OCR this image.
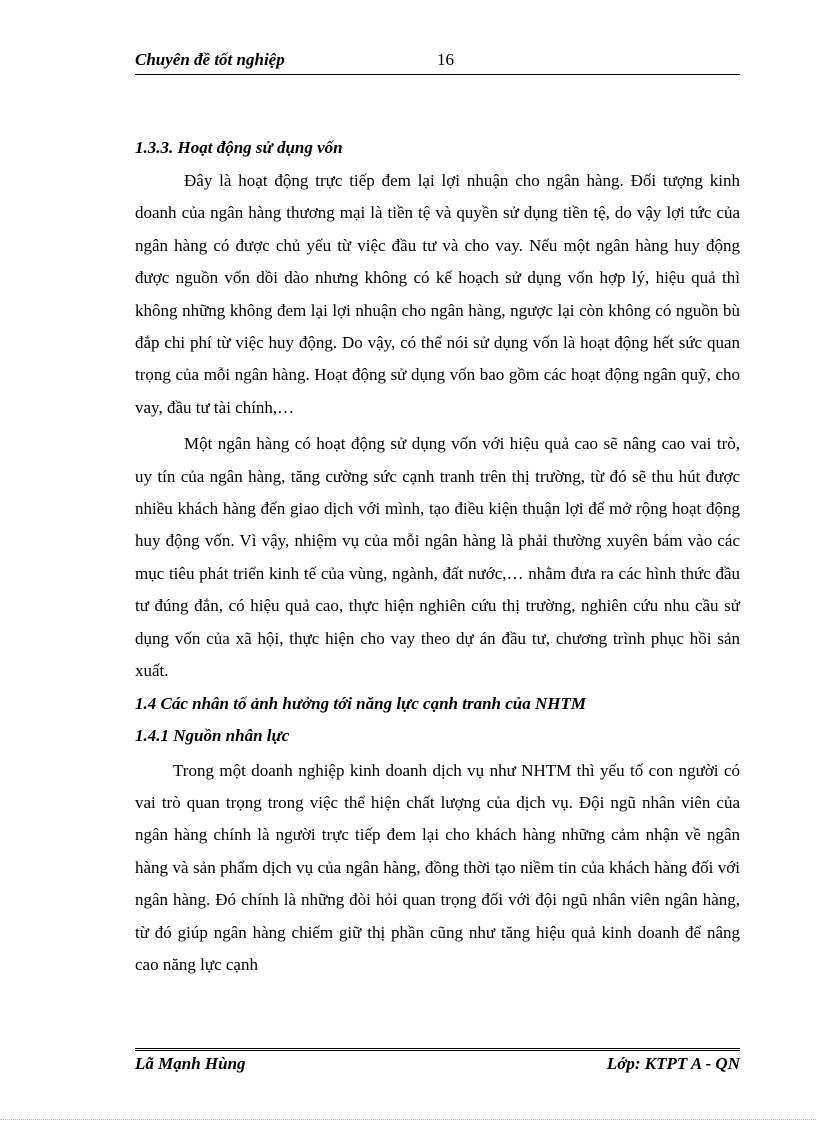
Chuyên đề tốt nghiệp	16
1.3.3. Hoạt động sử dụng vốn

Đây là hoạt động trực tiếp đem lại lợi nhuận cho ngân hàng. Đối tượng kinh doanh của ngân hàng thương mại là tiền tệ và quyền sử dụng tiền tệ, do vậy lợi tức của ngân hàng có được chủ yếu từ việc đầu tư và cho vay. Nếu một ngân hàng huy động được nguồn vốn dồi dào nhưng không có kế hoạch sử dụng vốn hợp lý, hiệu quả thì không những không đem lại lợi nhuận cho ngân hàng, ngược lại còn không có nguồn bù đắp chi phí từ việc huy động. Do vậy, có thể nói sử dụng vốn là hoạt động hết sức quan trọng của mỗi ngân hàng. Hoạt động sử dụng vốn bao gồm các hoạt động ngân quỹ, cho vay, đầu tư tài chính,…

Một ngân hàng có hoạt động sử dụng vốn với hiệu quả cao sẽ nâng cao vai trò, uy tín của ngân hàng, tăng cường sức cạnh tranh trên thị trường, từ đó sẽ thu hút được nhiều khách hàng đến giao dịch với mình, tạo điều kiện thuận lợi để mở rộng hoạt động huy động vốn. Vì vậy, nhiệm vụ của mỗi ngân hàng là phải thường xuyên bám vào các mục tiêu phát triển kinh tế của vùng, ngành, đất nước,… nhằm đưa ra các hình thức đầu tư đúng đắn, có hiệu quả cao, thực hiện nghiên cứu thị trường, nghiên cứu nhu cầu sử dụng vốn của xã hội, thực hiện cho vay theo dự án đầu tư, chương trình phục hồi sản xuất.

1.4 Các nhân tố ảnh hưởng tới năng lực cạnh tranh của NHTM
1.4.1 Nguồn nhân lực

Trong một doanh nghiệp kinh doanh dịch vụ như NHTM thì yếu tố con người có vai trò quan trọng trong việc thể hiện chất lượng của dịch vụ. Đội ngũ nhân viên của ngân hàng chính là người trực tiếp đem lại cho khách hàng những cảm nhận về ngân hàng và sản phẩm dịch vụ của ngân hàng, đồng thời tạo niềm tin của khách hàng đối với ngân hàng. Đó chính là những đòi hỏi quan trọng đối với đội ngũ nhân viên ngân hàng, từ đó giúp ngân hàng chiếm giữ thị phần cũng như tăng hiệu quả kinh doanh để nâng cao năng lực cạnh

Lã Mạnh Hùng	Lớp: KTPT A - QN
